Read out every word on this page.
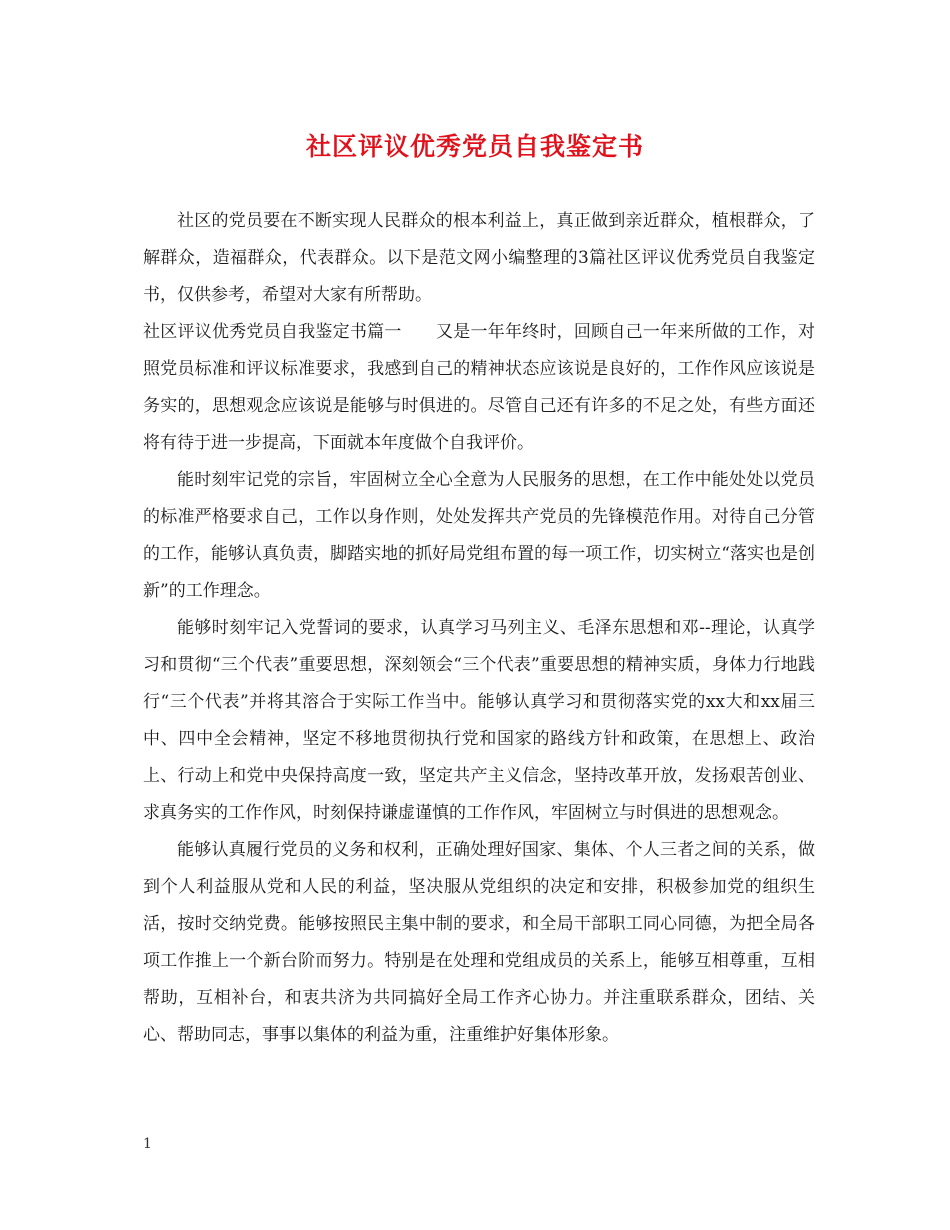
社区评议优秀党员自我鉴定书

社区的党员要在不断实现人民群众的根本利益上，真正做到亲近群众，植根群众，了解群众，造福群众，代表群众。以下是范文网小编整理的3篇社区评议优秀党员自我鉴定书，仅供参考，希望对大家有所帮助。

社区评议优秀党员自我鉴定书篇一　　又是一年年终时，回顾自己一年来所做的工作，对照党员标准和评议标准要求，我感到自己的精神状态应该说是良好的，工作作风应该说是务实的，思想观念应该说是能够与时俱进的。尽管自己还有许多的不足之处，有些方面还将有待于进一步提高，下面就本年度做个自我评价。

能时刻牢记党的宗旨，牢固树立全心全意为人民服务的思想，在工作中能处处以党员的标准严格要求自己，工作以身作则，处处发挥共产党员的先锋模范作用。对待自己分管的工作，能够认真负责，脚踏实地的抓好局党组布置的每一项工作，切实树立“落实也是创新”的工作理念。

能够时刻牢记入党誓词的要求，认真学习马列主义、毛泽东思想和邓--理论，认真学习和贯彻“三个代表”重要思想，深刻领会“三个代表”重要思想的精神实质，身体力行地践行“三个代表”并将其溶合于实际工作当中。能够认真学习和贯彻落实党的xx大和xx届三中、四中全会精神，坚定不移地贯彻执行党和国家的路线方针和政策，在思想上、政治上、行动上和党中央保持高度一致，坚定共产主义信念，坚持改革开放，发扬艰苦创业、求真务实的工作作风，时刻保持谦虚谨慎的工作作风，牢固树立与时俱进的思想观念。

能够认真履行党员的义务和权利，正确处理好国家、集体、个人三者之间的关系，做到个人利益服从党和人民的利益，坚决服从党组织的决定和安排，积极参加党的组织生活，按时交纳党费。能够按照民主集中制的要求，和全局干部职工同心同德，为把全局各项工作推上一个新台阶而努力。特别是在处理和党组成员的关系上，能够互相尊重，互相帮助，互相补台，和衷共济为共同搞好全局工作齐心协力。并注重联系群众，团结、关心、帮助同志，事事以集体的利益为重，注重维护好集体形象。

1
